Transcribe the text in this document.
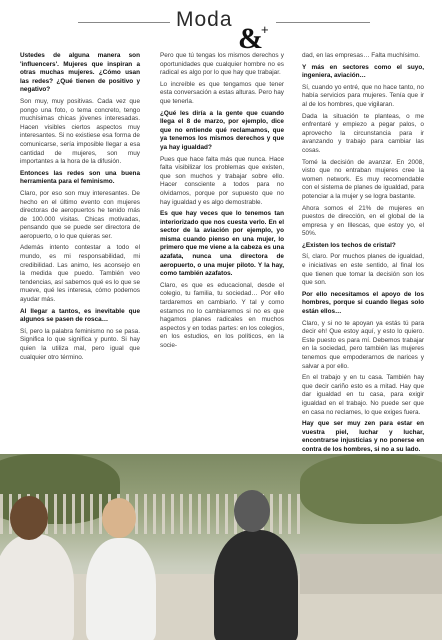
Moda
&
+

Ustedes de alguna manera son 'influencers'. Mujeres que inspiran a otras muchas mujeres. ¿Cómo usan las redes? ¿Qué tienen de positivo y negativo?

Son muy, muy positivas. Cada vez que pongo una foto, o tema concreto, tengo muchísimas chicas jóvenes interesadas. Hacen visibles ciertos aspectos muy interesantes. Si no existiese esa forma de comunicarse, sería imposible llegar a esa cantidad de mujeres, son muy importantes a la hora de la difusión.

Entonces las redes son una buena herramienta para el feminismo.

Claro, por eso son muy interesantes. De hecho en el último evento con mujeres directoras de aeropuertos he tenido más de 100.000 visitas. Chicas motivadas, pensando que se puede ser directora de aeropuerto, o lo que quieras ser.

Además intento contestar a todo el mundo, es mi responsabilidad, mi credibilidad. Las animo, les aconsejo en la medida que puedo. También veo tendencias, así sabemos qué es lo que se mueve, qué les interesa, cómo podemos ayudar más.

Al llegar a tantos, es inevitable que algunos se pasen de rosca…

Sí, pero la palabra feminismo no se pasa. Significa lo que significa y punto. Si hay quien la utiliza mal, pero igual que cualquier otro término.

Pero que tú tengas los mismos derechos y oportunidades que cualquier hombre no es radical es algo por lo que hay que trabajar.

Lo increíble es que tengamos que tener esta conversación a estas alturas. Pero hay que tenerla.

¿Qué les diría a la gente que cuando llega el 8 de marzo, por ejemplo, dice que no entiende qué reclamamos, que ya tenemos los mismos derechos y que ya hay igualdad?

Pues que hace falta más que nunca. Hace falta visibilizar los problemas que existen, que son muchos y trabajar sobre ello. Hacer consciente a todos para no olvidarnos, porque por supuesto que no hay igualdad y es algo demostrable.

Es que hay veces que lo tenemos tan interiorizado que nos cuesta verlo. En el sector de la aviación por ejemplo, yo misma cuando pienso en una mujer, lo primero que me viene a la cabeza es una azafata, nunca una directora de aeropuerto, o una mujer piloto. Y la hay, como también azafatos.

Claro, es que es educacional, desde el colegio, tu familia, tu sociedad… Por ello tardaremos en cambiarlo. Y tal y como estamos no lo cambiaremos si no es que hagamos planes radicales en muchos aspectos y en todas partes: en los colegios, en los estudios, en los políticos, en la socie-

dad, en las empresas… Falta muchísimo.

Y más en sectores como el suyo, ingeniera, aviación…

Sí, cuando yo entré, que no hace tanto, no había servicios para mujeres. Tenía que ir al de los hombres, que vigilaran.

Dada la situación te planteas, o me enfrentaré y empiezo a pegar palos, o aprovecho la circunstancia para ir avanzando y trabajo para cambiar las cosas.

Tomé la decisión de avanzar. En 2008, visto que no entraban mujeres cree la women network. Es muy recomendable con el sistema de planes de igualdad, para potenciar a la mujer y se logra bastante.

Ahora somos el 21% de mujeres en puestos de dirección, en el global de la empresa y en Illescas, que estoy yo, el 50%.

¿Existen los techos de cristal?

Sí, claro. Por muchos planes de igualdad, e iniciativas en este sentido, al final los que tienen que tomar la decisión son los que son.

Por ello necesitamos el apoyo de los hombres, porque si cuando llegas solo están ellos…

Claro, y si no te apoyan ya estás tú para decir eh! Que estoy aquí, y esto lo quiero. Este puesto es para mí. Debemos trabajar en la sociedad, pero también las mujeres tenemos que empoderarnos de narices y salvar a por ello.

En el trabajo y en tu casa. También hay que decir cariño esto es a mitad. Hay que dar igualdad en tu casa, para exigir igualdad en el trabajo. No puede ser que en casa no reclames, lo que exiges fuera.

Hay que ser muy zen para estar en vuestra piel, luchar y luchar, encontrarse injusticias y no ponerse en contra de los hombres, si no a su lado.
